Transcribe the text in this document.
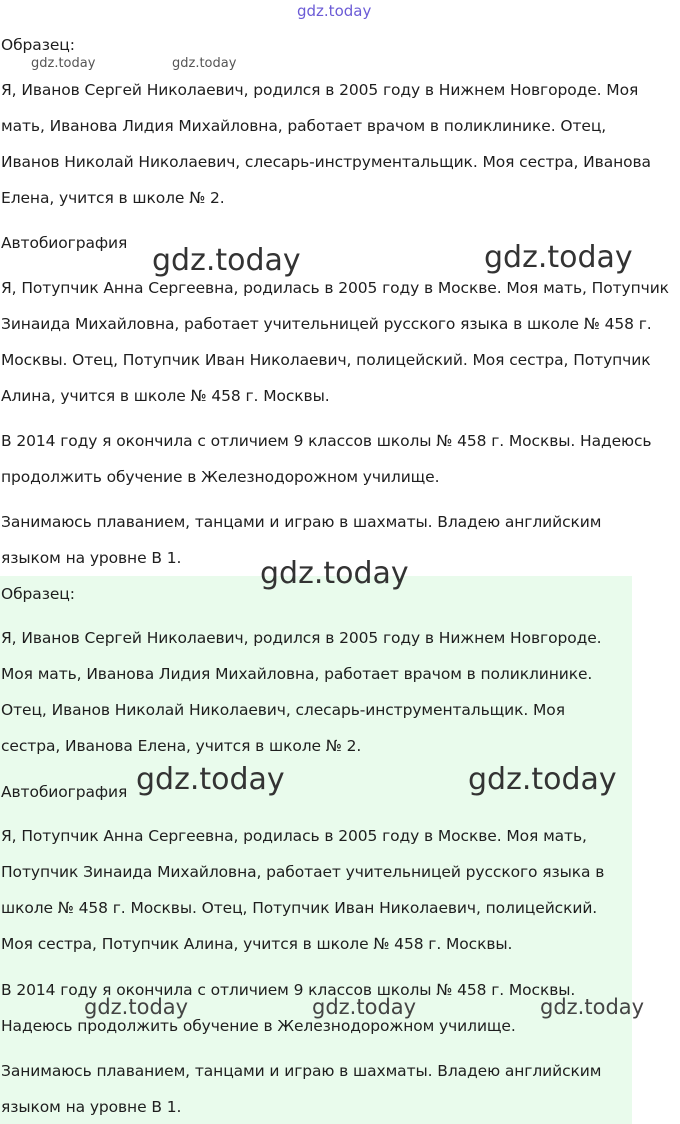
Образец:
Я, Иванов Сергей Николаевич, родился в 2005 году в Нижнем Новгороде. Моя
мать, Иванова Лидия Михайловна, работает врачом в поликлинике. Отец,
Иванов Николай Николаевич, слесарь-инструментальщик. Моя сестра, Иванова
Елена, учится в школе № 2.
Автобиография
Я, Потупчик Анна Сергеевна, родилась в 2005 году в Москве. Моя мать, Потупчик
Зинаида Михайловна, работает учительницей русского языка в школе № 458 г.
Москвы. Отец, Потупчик Иван Николаевич, полицейский. Моя сестра, Потупчик
Алина, учится в школе № 458 г. Москвы.
В 2014 году я окончила с отличием 9 классов школы № 458 г. Москвы. Надеюсь
продолжить обучение в Железнодорожном училище.
Занимаюсь плаванием, танцами и играю в шахматы. Владею английским
языком на уровне В 1.
Образец:
Я, Иванов Сергей Николаевич, родился в 2005 году в Нижнем Новгороде.
Моя мать, Иванова Лидия Михайловна, работает врачом в поликлинике.
Отец, Иванов Николай Николаевич, слесарь-инструментальщик. Моя
сестра, Иванова Елена, учится в школе № 2.
Автобиография
Я, Потупчик Анна Сергеевна, родилась в 2005 году в Москве. Моя мать,
Потупчик Зинаида Михайловна, работает учительницей русского языка в
школе № 458 г. Москвы. Отец, Потупчик Иван Николаевич, полицейский.
Моя сестра, Потупчик Алина, учится в школе № 458 г. Москвы.
В 2014 году я окончила с отличием 9 классов школы № 458 г. Москвы.
Надеюсь продолжить обучение в Железнодорожном училище.
Занимаюсь плаванием, танцами и играю в шахматы. Владею английским
языком на уровне В 1.
gdz.today
gdz.today	gdz.today
gdz.today	gdz.today
gdz.today
gdz.today	gdz.today
gdz.today	gdz.today	gdz.today
